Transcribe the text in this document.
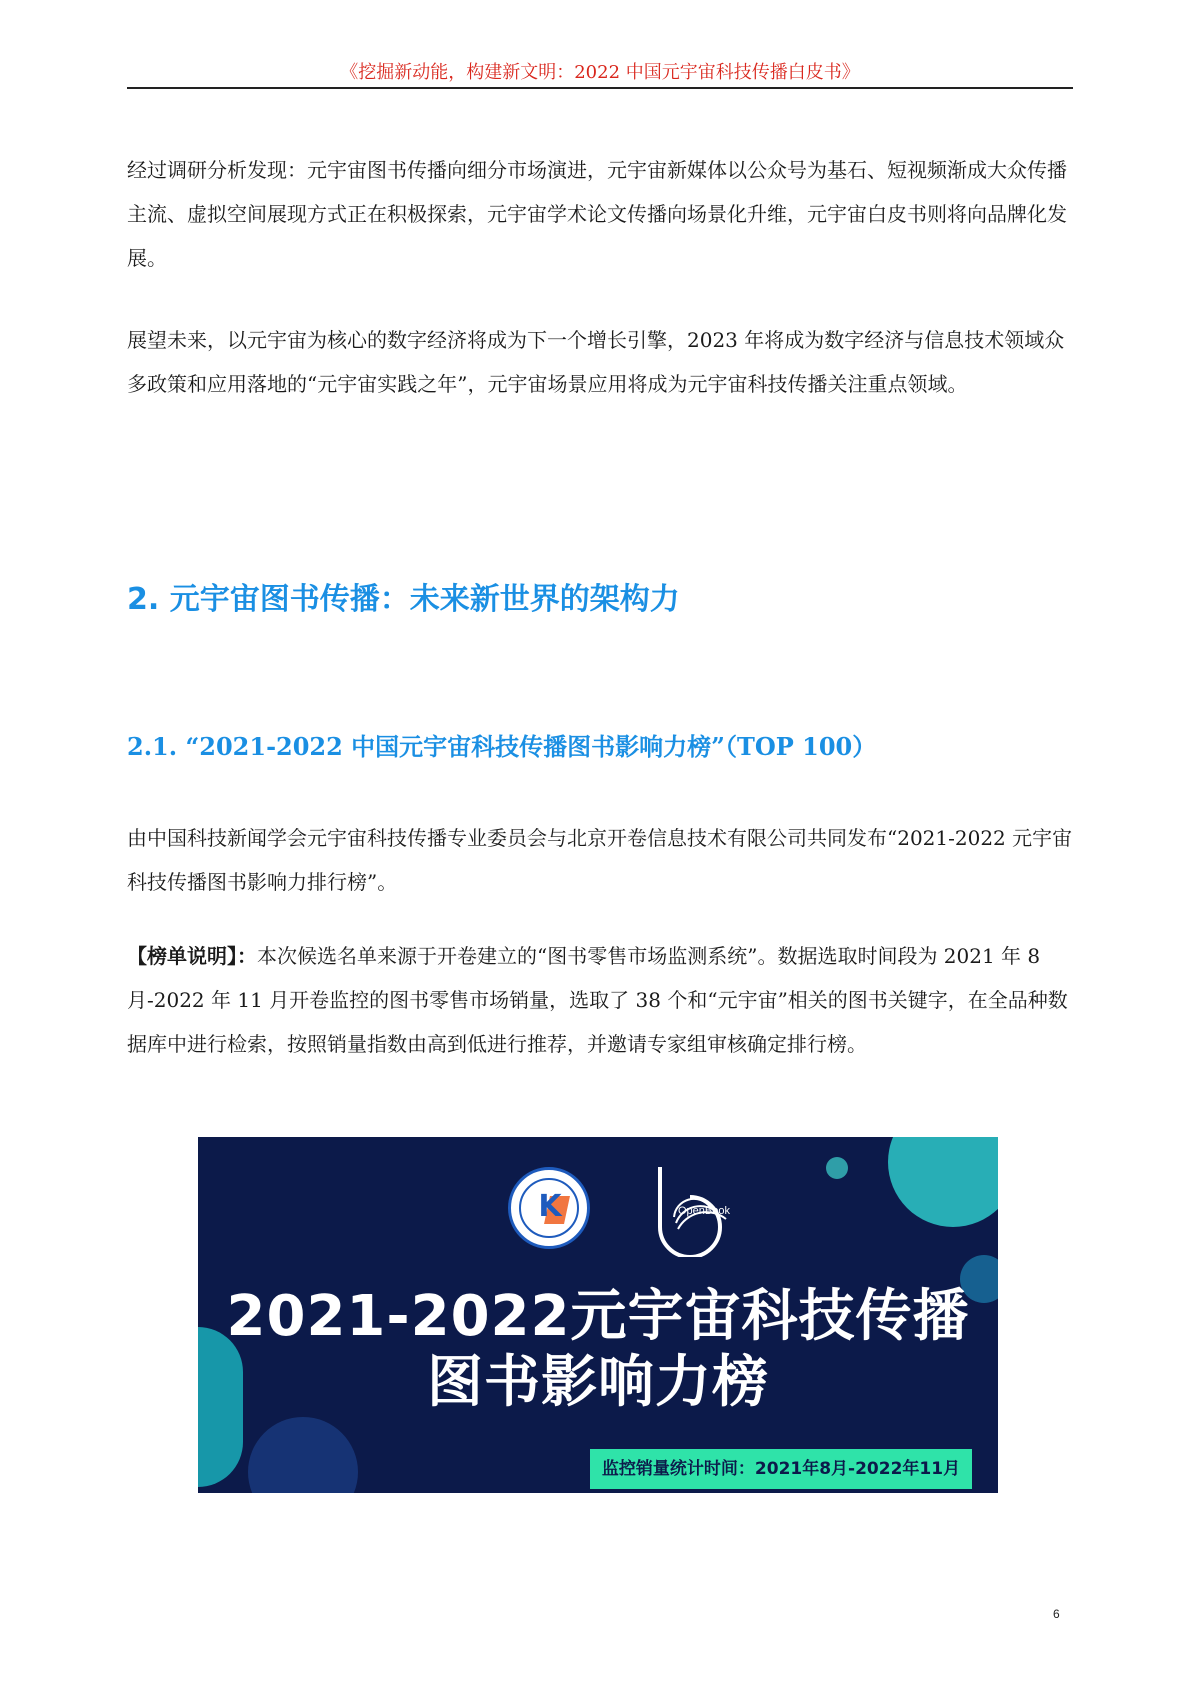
《挖掘新动能，构建新文明：2022 中国元宇宙科技传播白皮书》

经过调研分析发现：元宇宙图书传播向细分市场演进，元宇宙新媒体以公众号为基石、短视频渐成大众传播主流、虚拟空间展现方式正在积极探索，元宇宙学术论文传播向场景化升维，元宇宙白皮书则将向品牌化发展。

展望未来，以元宇宙为核心的数字经济将成为下一个增长引擎，2023 年将成为数字经济与信息技术领域众多政策和应用落地的“元宇宙实践之年”，元宇宙场景应用将成为元宇宙科技传播关注重点领域。

2. 元宇宙图书传播：未来新世界的架构力
2.1. “2021-2022 中国元宇宙科技传播图书影响力榜”（TOP 100）

由中国科技新闻学会元宇宙科技传播专业委员会与北京开卷信息技术有限公司共同发布“2021-2022 元宇宙科技传播图书影响力排行榜”。

【榜单说明】：本次候选名单来源于开卷建立的“图书零售市场监测系统”。数据选取时间段为 2021 年 8 月-2022 年 11 月开卷监控的图书零售市场销量，选取了 38 个和“元宇宙”相关的图书关键字，在全品种数据库中进行检索，按照销量指数由高到低进行推荐，并邀请专家组审核确定排行榜。

K	OpenBook
2021-2022元宇宙科技传播
图书影响力榜
监控销量统计时间：2021年8月-2022年11月
6
